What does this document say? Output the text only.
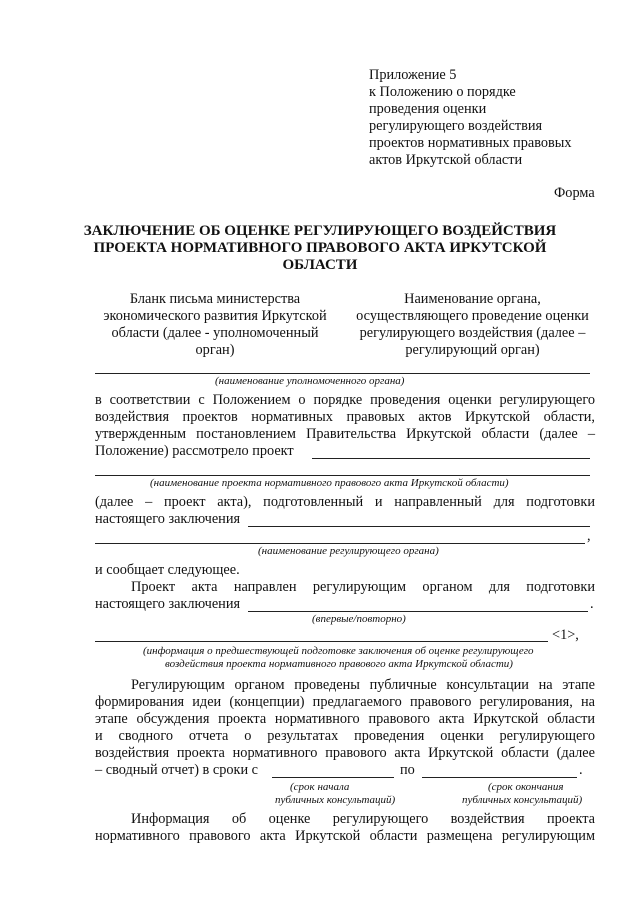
Приложение 5
к Положению о порядке
проведения оценки
регулирующего воздействия
проектов нормативных правовых
актов Иркутской области
Форма
ЗАКЛЮЧЕНИЕ ОБ ОЦЕНКЕ РЕГУЛИРУЮЩЕГО ВОЗДЕЙСТВИЯ
ПРОЕКТА НОРМАТИВНОГО ПРАВОВОГО АКТА ИРКУТСКОЙ
ОБЛАСТИ
Бланк письма министерства
экономического развития Иркутской
области (далее - уполномоченный
орган)
Наименование органа,
осуществляющего проведение оценки
регулирующего воздействия (далее –
регулирующий орган)
(наименование уполномоченного органа)
в соответствии с Положением о порядке проведения оценки регулирующего
воздействия проектов нормативных правовых актов Иркутской области,
утвержденным постановлением Правительства Иркутской области (далее –
Положение) рассмотрело проект
(наименование проекта нормативного правового акта Иркутской области)
(далее – проект акта), подготовленный и направленный для подготовки
настоящего заключения
,
(наименование регулирующего органа)
и сообщает следующее.
Проект акта направлен регулирующим органом для подготовки
настоящего заключения	.
(впервые/повторно)
<1>,
(информация о предшествующей подготовке заключения об оценке регулирующего
воздействия проекта нормативного правового акта Иркутской области)
Регулирующим органом проведены публичные консультации на этапе
формирования идеи (концепции) предлагаемого правового регулирования, на
этапе обсуждения проекта нормативного правового акта Иркутской области
и сводного отчета о результатах проведения оценки регулирующего
воздействия проекта нормативного правового акта Иркутской области (далее
– сводный отчет) в сроки с	по	.
(срок начала
публичных консультаций)
(срок окончания
публичных консультаций)
Информация об оценке регулирующего воздействия проекта
нормативного правового акта Иркутской области размещена регулирующим
